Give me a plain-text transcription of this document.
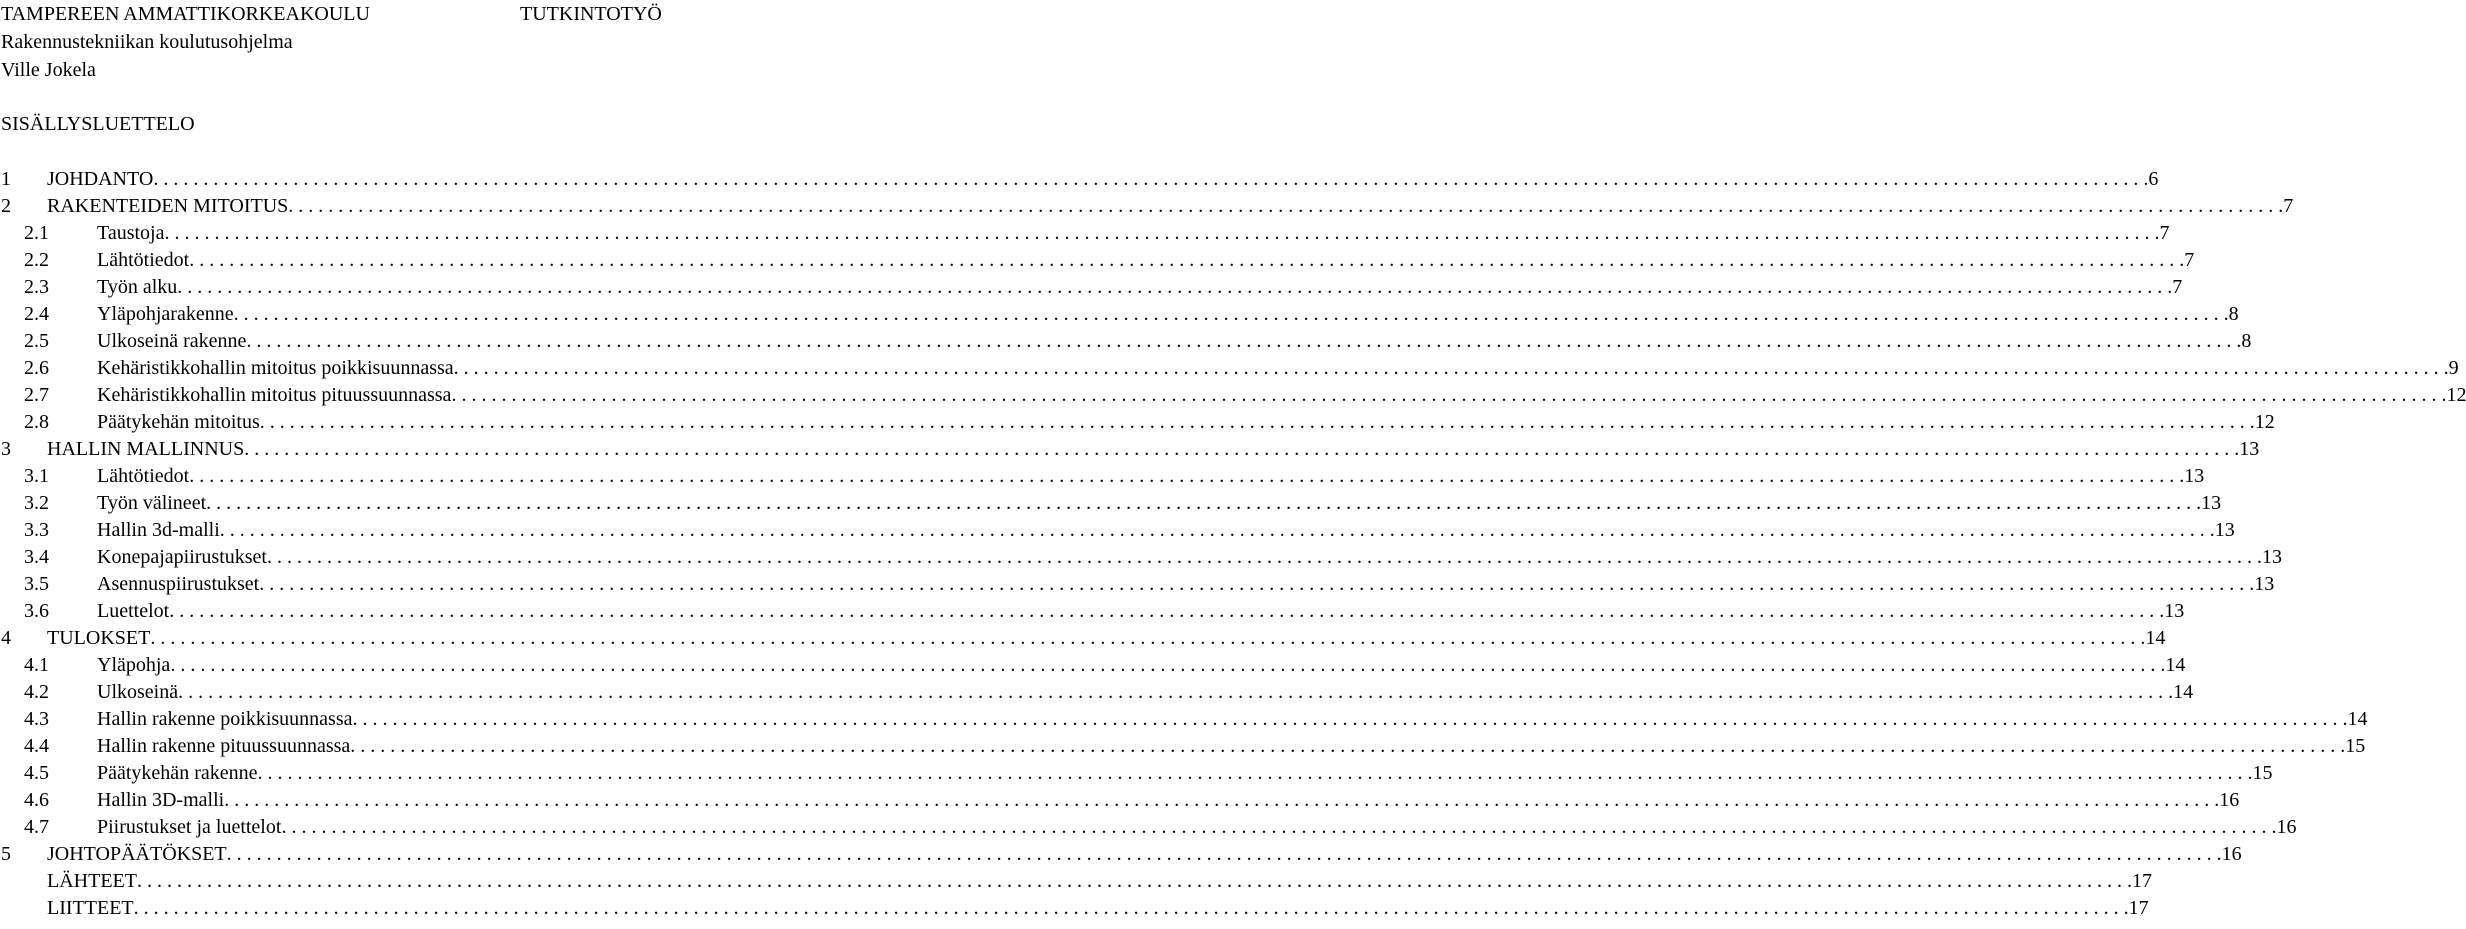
TAMPEREEN AMMATTIKORKEAKOULU	TUTKINTOTYÖ
Rakennustekniikan koulutusohjelma
Ville Jokela
SISÄLLYSLUETTELO
1 JOHDANTO . . . . . . . . . . . . . . . . . . . . . . . . . . . . . . . . . . . . . . . . . . . . . . . . . . . . . . . . . . . . . . . . . . . . . . . . . . . . . . . . . . . . . . . . . . . . . . . . . . . . . . . . . . . . . . . . . . . . . . . . . . . . . . . . . . . . . . . . . . . . . . . . . . . . . . . . . . . . . . . . . . . . . . . . . . . . . . . . . . . . . . . . . . . . . . . . . . . . . . . . 6
2 RAKENTEIDEN MITOITUS . . . . . . . . . . . . . . . . . . . . . . . . . . . . . . . . . . . . . . . . . . . . . . . . . . . . . . . . . . . . . . . . . . . . . . . . . . . . . . . . . . . . . . . . . . . . . . . . . . . . . . . . . . . . . . . . . . . . . . . . . . . . . . . . . . . . . . . . . . . . . . . . . . . . . . . . . . . . . . . . . . . . . . . . . . . . . . . . . . . . . . . . . . . . . . . . . . . . . . . . 7
2.1 Taustoja . . . . . . . . . . . . . . . . . . . . . . . . . . . . . . . . . . . . . . . . . . . . . . . . . . . . . . . . . . . . . . . . . . . . . . . . . . . . . . . . . . . . . . . . . . . . . . . . . . . . . . . . . . . . . . . . . . . . . . . . . . . . . . . . . . . . . . . . . . . . . . . . . . . . . . . . . . . . . . . . . . . . . . . . . . . . . . . . . . . . . . . . . . . . . . . . . . . . . . . . 7
2.2 Lähtötiedot . . . . . . . . . . . . . . . . . . . . . . . . . . . . . . . . . . . . . . . . . . . . . . . . . . . . . . . . . . . . . . . . . . . . . . . . . . . . . . . . . . . . . . . . . . . . . . . . . . . . . . . . . . . . . . . . . . . . . . . . . . . . . . . . . . . . . . . . . . . . . . . . . . . . . . . . . . . . . . . . . . . . . . . . . . . . . . . . . . . . . . . . . . . . . . . . . . . . . . . . 7
2.3 Työn alku . . . . . . . . . . . . . . . . . . . . . . . . . . . . . . . . . . . . . . . . . . . . . . . . . . . . . . . . . . . . . . . . . . . . . . . . . . . . . . . . . . . . . . . . . . . . . . . . . . . . . . . . . . . . . . . . . . . . . . . . . . . . . . . . . . . . . . . . . . . . . . . . . . . . . . . . . . . . . . . . . . . . . . . . . . . . . . . . . . . . . . . . . . . . . . . . . . . . . . . . 7
2.4 Yläpohjarakenne . . . . . . . . . . . . . . . . . . . . . . . . . . . . . . . . . . . . . . . . . . . . . . . . . . . . . . . . . . . . . . . . . . . . . . . . . . . . . . . . . . . . . . . . . . . . . . . . . . . . . . . . . . . . . . . . . . . . . . . . . . . . . . . . . . . . . . . . . . . . . . . . . . . . . . . . . . . . . . . . . . . . . . . . . . . . . . . . . . . . . . . . . . . . . . . . . . . . . . . . 8
2.5 Ulkoseinä rakenne . . . . . . . . . . . . . . . . . . . . . . . . . . . . . . . . . . . . . . . . . . . . . . . . . . . . . . . . . . . . . . . . . . . . . . . . . . . . . . . . . . . . . . . . . . . . . . . . . . . . . . . . . . . . . . . . . . . . . . . . . . . . . . . . . . . . . . . . . . . . . . . . . . . . . . . . . . . . . . . . . . . . . . . . . . . . . . . . . . . . . . . . . . . . . . . . . . . . . . . . 8
2.6 Kehäristikkohallin mitoitus poikkisuunnassa . . . . . . . . . . . . . . . . . . . . . . . . . . . . . . . . . . . . . . . . . . . . . . . . . . . . . . . . . . . . . . . . . . . . . . . . . . . . . . . . . . . . . . . . . . . . . . . . . . . . . . . . . . . . . . . . . . . . . . . . . . . . . . . . . . . . . . . . . . . . . . . . . . . . . . . . . . . . . . . . . . . . . . . . . . . . . . . . . . . . . . . . . . . . . . . . . . . . . . . . 9
2.7 Kehäristikkohallin mitoitus pituussuunnassa . . . . . . . . . . . . . . . . . . . . . . . . . . . . . . . . . . . . . . . . . . . . . . . . . . . . . . . . . . . . . . . . . . . . . . . . . . . . . . . . . . . . . . . . . . . . . . . . . . . . . . . . . . . . . . . . . . . . . . . . . . . . . . . . . . . . . . . . . . . . . . . . . . . . . . . . . . . . . . . . . . . . . . . . . . . . . . . . . . . . . . . . . . . . . . . . . . . . . . . . 12
2.8 Päätykehän mitoitus . . . . . . . . . . . . . . . . . . . . . . . . . . . . . . . . . . . . . . . . . . . . . . . . . . . . . . . . . . . . . . . . . . . . . . . . . . . . . . . . . . . . . . . . . . . . . . . . . . . . . . . . . . . . . . . . . . . . . . . . . . . . . . . . . . . . . . . . . . . . . . . . . . . . . . . . . . . . . . . . . . . . . . . . . . . . . . . . . . . . . . . . . . . . . . . . . . . . . . . . 12
3 HALLIN MALLINNUS . . . . . . . . . . . . . . . . . . . . . . . . . . . . . . . . . . . . . . . . . . . . . . . . . . . . . . . . . . . . . . . . . . . . . . . . . . . . . . . . . . . . . . . . . . . . . . . . . . . . . . . . . . . . . . . . . . . . . . . . . . . . . . . . . . . . . . . . . . . . . . . . . . . . . . . . . . . . . . . . . . . . . . . . . . . . . . . . . . . . . . . . . . . . . . . . . . . . . . . . 13
3.1 Lähtötiedot . . . . . . . . . . . . . . . . . . . . . . . . . . . . . . . . . . . . . . . . . . . . . . . . . . . . . . . . . . . . . . . . . . . . . . . . . . . . . . . . . . . . . . . . . . . . . . . . . . . . . . . . . . . . . . . . . . . . . . . . . . . . . . . . . . . . . . . . . . . . . . . . . . . . . . . . . . . . . . . . . . . . . . . . . . . . . . . . . . . . . . . . . . . . . . . . . . . . . . . . 13
3.2 Työn välineet . . . . . . . . . . . . . . . . . . . . . . . . . . . . . . . . . . . . . . . . . . . . . . . . . . . . . . . . . . . . . . . . . . . . . . . . . . . . . . . . . . . . . . . . . . . . . . . . . . . . . . . . . . . . . . . . . . . . . . . . . . . . . . . . . . . . . . . . . . . . . . . . . . . . . . . . . . . . . . . . . . . . . . . . . . . . . . . . . . . . . . . . . . . . . . . . . . . . . . . . 13
3.3 Hallin 3d-malli . . . . . . . . . . . . . . . . . . . . . . . . . . . . . . . . . . . . . . . . . . . . . . . . . . . . . . . . . . . . . . . . . . . . . . . . . . . . . . . . . . . . . . . . . . . . . . . . . . . . . . . . . . . . . . . . . . . . . . . . . . . . . . . . . . . . . . . . . . . . . . . . . . . . . . . . . . . . . . . . . . . . . . . . . . . . . . . . . . . . . . . . . . . . . . . . . . . . . . . . 13
3.4 Konepajapiirustukset . . . . . . . . . . . . . . . . . . . . . . . . . . . . . . . . . . . . . . . . . . . . . . . . . . . . . . . . . . . . . . . . . . . . . . . . . . . . . . . . . . . . . . . . . . . . . . . . . . . . . . . . . . . . . . . . . . . . . . . . . . . . . . . . . . . . . . . . . . . . . . . . . . . . . . . . . . . . . . . . . . . . . . . . . . . . . . . . . . . . . . . . . . . . . . . . . . . . . . . . 13
3.5 Asennuspiirustukset . . . . . . . . . . . . . . . . . . . . . . . . . . . . . . . . . . . . . . . . . . . . . . . . . . . . . . . . . . . . . . . . . . . . . . . . . . . . . . . . . . . . . . . . . . . . . . . . . . . . . . . . . . . . . . . . . . . . . . . . . . . . . . . . . . . . . . . . . . . . . . . . . . . . . . . . . . . . . . . . . . . . . . . . . . . . . . . . . . . . . . . . . . . . . . . . . . . . . . . . 13
3.6 Luettelot . . . . . . . . . . . . . . . . . . . . . . . . . . . . . . . . . . . . . . . . . . . . . . . . . . . . . . . . . . . . . . . . . . . . . . . . . . . . . . . . . . . . . . . . . . . . . . . . . . . . . . . . . . . . . . . . . . . . . . . . . . . . . . . . . . . . . . . . . . . . . . . . . . . . . . . . . . . . . . . . . . . . . . . . . . . . . . . . . . . . . . . . . . . . . . . . . . . . . . . . 13
4 TULOKSET . . . . . . . . . . . . . . . . . . . . . . . . . . . . . . . . . . . . . . . . . . . . . . . . . . . . . . . . . . . . . . . . . . . . . . . . . . . . . . . . . . . . . . . . . . . . . . . . . . . . . . . . . . . . . . . . . . . . . . . . . . . . . . . . . . . . . . . . . . . . . . . . . . . . . . . . . . . . . . . . . . . . . . . . . . . . . . . . . . . . . . . . . . . . . . . . . . . . . . . . 14
4.1 Yläpohja . . . . . . . . . . . . . . . . . . . . . . . . . . . . . . . . . . . . . . . . . . . . . . . . . . . . . . . . . . . . . . . . . . . . . . . . . . . . . . . . . . . . . . . . . . . . . . . . . . . . . . . . . . . . . . . . . . . . . . . . . . . . . . . . . . . . . . . . . . . . . . . . . . . . . . . . . . . . . . . . . . . . . . . . . . . . . . . . . . . . . . . . . . . . . . . . . . . . . . . . 14
4.2 Ulkoseinä . . . . . . . . . . . . . . . . . . . . . . . . . . . . . . . . . . . . . . . . . . . . . . . . . . . . . . . . . . . . . . . . . . . . . . . . . . . . . . . . . . . . . . . . . . . . . . . . . . . . . . . . . . . . . . . . . . . . . . . . . . . . . . . . . . . . . . . . . . . . . . . . . . . . . . . . . . . . . . . . . . . . . . . . . . . . . . . . . . . . . . . . . . . . . . . . . . . . . . . . 14
4.3 Hallin rakenne poikkisuunnassa . . . . . . . . . . . . . . . . . . . . . . . . . . . . . . . . . . . . . . . . . . . . . . . . . . . . . . . . . . . . . . . . . . . . . . . . . . . . . . . . . . . . . . . . . . . . . . . . . . . . . . . . . . . . . . . . . . . . . . . . . . . . . . . . . . . . . . . . . . . . . . . . . . . . . . . . . . . . . . . . . . . . . . . . . . . . . . . . . . . . . . . . . . . . . . . . . . . . . . . . 14
4.4 Hallin rakenne pituussuunnassa . . . . . . . . . . . . . . . . . . . . . . . . . . . . . . . . . . . . . . . . . . . . . . . . . . . . . . . . . . . . . . . . . . . . . . . . . . . . . . . . . . . . . . . . . . . . . . . . . . . . . . . . . . . . . . . . . . . . . . . . . . . . . . . . . . . . . . . . . . . . . . . . . . . . . . . . . . . . . . . . . . . . . . . . . . . . . . . . . . . . . . . . . . . . . . . . . . . . . . . . 15
4.5 Päätykehän rakenne . . . . . . . . . . . . . . . . . . . . . . . . . . . . . . . . . . . . . . . . . . . . . . . . . . . . . . . . . . . . . . . . . . . . . . . . . . . . . . . . . . . . . . . . . . . . . . . . . . . . . . . . . . . . . . . . . . . . . . . . . . . . . . . . . . . . . . . . . . . . . . . . . . . . . . . . . . . . . . . . . . . . . . . . . . . . . . . . . . . . . . . . . . . . . . . . . . . . . . . . 15
4.6 Hallin 3D-malli . . . . . . . . . . . . . . . . . . . . . . . . . . . . . . . . . . . . . . . . . . . . . . . . . . . . . . . . . . . . . . . . . . . . . . . . . . . . . . . . . . . . . . . . . . . . . . . . . . . . . . . . . . . . . . . . . . . . . . . . . . . . . . . . . . . . . . . . . . . . . . . . . . . . . . . . . . . . . . . . . . . . . . . . . . . . . . . . . . . . . . . . . . . . . . . . . . . . . . . . 16
4.7 Piirustukset ja luettelot . . . . . . . . . . . . . . . . . . . . . . . . . . . . . . . . . . . . . . . . . . . . . . . . . . . . . . . . . . . . . . . . . . . . . . . . . . . . . . . . . . . . . . . . . . . . . . . . . . . . . . . . . . . . . . . . . . . . . . . . . . . . . . . . . . . . . . . . . . . . . . . . . . . . . . . . . . . . . . . . . . . . . . . . . . . . . . . . . . . . . . . . . . . . . . . . . . . . . . . . 16
5 JOHTOPÄÄTÖKSET . . . . . . . . . . . . . . . . . . . . . . . . . . . . . . . . . . . . . . . . . . . . . . . . . . . . . . . . . . . . . . . . . . . . . . . . . . . . . . . . . . . . . . . . . . . . . . . . . . . . . . . . . . . . . . . . . . . . . . . . . . . . . . . . . . . . . . . . . . . . . . . . . . . . . . . . . . . . . . . . . . . . . . . . . . . . . . . . . . . . . . . . . . . . . . . . . . . . . . . . 16
LÄHTEET . . . . . . . . . . . . . . . . . . . . . . . . . . . . . . . . . . . . . . . . . . . . . . . . . . . . . . . . . . . . . . . . . . . . . . . . . . . . . . . . . . . . . . . . . . . . . . . . . . . . . . . . . . . . . . . . . . . . . . . . . . . . . . . . . . . . . . . . . . . . . . . . . . . . . . . . . . . . . . . . . . . . . . . . . . . . . . . . . . . . . . . . . . . . . . . . . . . . . . . . 17
LIITTEET . . . . . . . . . . . . . . . . . . . . . . . . . . . . . . . . . . . . . . . . . . . . . . . . . . . . . . . . . . . . . . . . . . . . . . . . . . . . . . . . . . . . . . . . . . . . . . . . . . . . . . . . . . . . . . . . . . . . . . . . . . . . . . . . . . . . . . . . . . . . . . . . . . . . . . . . . . . . . . . . . . . . . . . . . . . . . . . . . . . . . . . . . . . . . . . . . . . . . . . . 17
